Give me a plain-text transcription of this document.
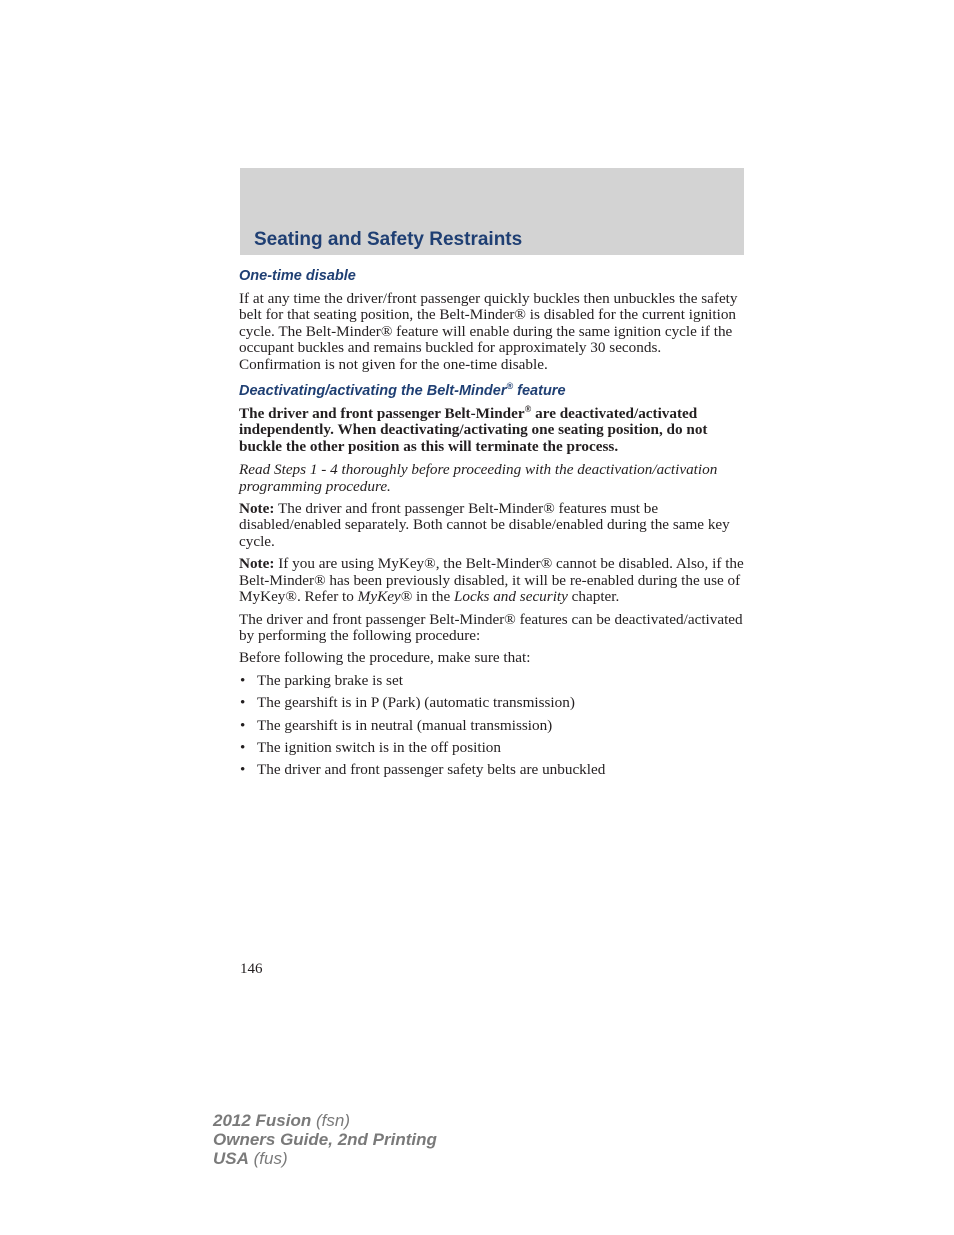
Seating and Safety Restraints
One-time disable

If at any time the driver/front passenger quickly buckles then unbuckles the safety belt for that seating position, the Belt-Minder® is disabled for the current ignition cycle. The Belt-Minder® feature will enable during the same ignition cycle if the occupant buckles and remains buckled for approximately 30 seconds. Confirmation is not given for the one-time disable.

Deactivating/activating the Belt-Minder® feature

The driver and front passenger Belt-Minder® are deactivated/activated independently. When deactivating/activating one seating position, do not buckle the other position as this will terminate the process.

Read Steps 1 - 4 thoroughly before proceeding with the deactivation/activation programming procedure.

Note: The driver and front passenger Belt-Minder® features must be disabled/enabled separately. Both cannot be disable/enabled during the same key cycle.

Note: If you are using MyKey®, the Belt-Minder® cannot be disabled. Also, if the Belt-Minder® has been previously disabled, it will be re-enabled during the use of MyKey®. Refer to MyKey® in the Locks and security chapter.

The driver and front passenger Belt-Minder® features can be deactivated/activated by performing the following procedure:

Before following the procedure, make sure that:

• The parking brake is set
• The gearshift is in P (Park) (automatic transmission)
• The gearshift is in neutral (manual transmission)
• The ignition switch is in the off position
• The driver and front passenger safety belts are unbuckled
146
2012 Fusion (fsn)
Owners Guide, 2nd Printing
USA (fus)
